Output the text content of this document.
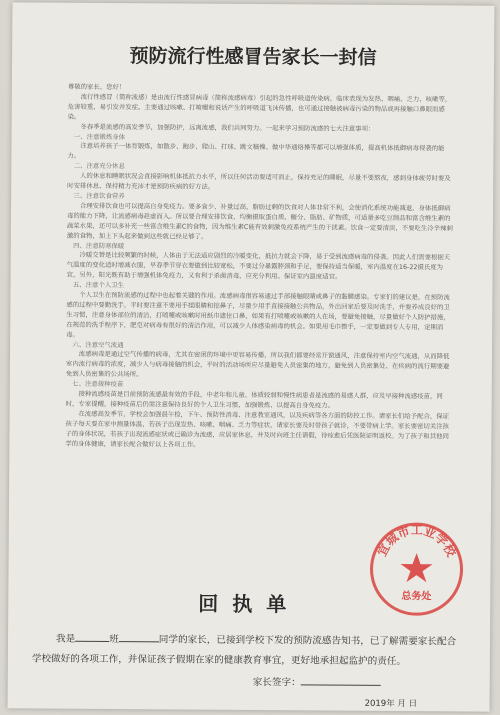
预防流行性感冒告家长一封信

尊敬的家长，您好！

流行性感冒（简称流感）是由流行性感冒病毒（简称流感病毒）引起的急性呼吸道传染病，临床表现为发热、咽痛、乏力、咳嗽等，危害较重，易引发并发症。主要通过咳嗽、打喷嚏和说话产生的呼吸道飞沫传播，也可通过接触被病毒污染的物品或再接触口鼻眼而感染。

冬春季是流感的高发季节，加强防护，远离流感，我们共同努力。一起来学习预防流感的七大注意事项：

一、注意锻炼身体

注意培养孩子一体育锻炼，如散步、跑步、爬山、打球、跳文稿操、做中华通络操等都可以增强体质，提高机体抵御病毒侵袭的能力。

二、注意充分休息

人的休息和睡眠状况会直接影响机体抵抗力水平，所以任何活动要适可而止，保持充足的睡眠，尽量不要熬夜，感到身体疲劳时要及时安排休息，保持精力充沛才是预防疾病的好方法。

三、注意饮食营养

合理安排饮食也可以提高自身免疫力。要多食少、补量过高，脂肪过剩的饮食对人体非常不利，会使消化系统功能减退，身体抵御病毒的能力下降，让流感病毒趁虚而入。所以要合理安排饮食，均衡摄取蛋白质、糖分、脂肪、矿物质，可适量多吃豆制品和富含维生素的蔬菜水果，还可以多补充一些富含维生素C的食物，因为维生素C能有效刺激免疫系统产生的干扰素。饮食一定要清淡，不要吃生冷辛辣刺激的食物，加上下头起来做到这些就已经足够了。

四、注意防寒保暖

冷暖交替是比较频繁的时候，人体由于无法适应剧烈的冷暖变化，抵抗力就会下降，易于受到流感病毒的侵袭。因此人们需要根据天气温度的变化适时增减衣服，早春季节穿衣要做到比较宽松，不要过分暴露脖颈和手足，要保持适当保暖，室内温度在16-22摄氏度为宜，另外，阳光既有助于增强机体免疫力，又有利于杀菌消毒，应充分利用。保证室内温度适宜。

五、注意个人卫生

个人卫生在预防流感的过程中也起着关键的作用。流感病毒很容易通过手部接触眼睛或鼻子的黏膜感染。专家们的建议是，在预防流感的过程中要勤洗手，平时要注意不要用手揉眼睛和挖鼻子，尽量少用手直接接触公共物品，外出回家后要及时洗手，并要养成良好的卫生习惯，注意身体部位的清洁，打喷嚏或咳嗽时用纸巾遮住口鼻，如果有打喷嚏或咳嗽的人在场，要避免接触，尽量做好个人防护措施，在规范的洗手程序下，肥皂对病毒有很好的清洁作用，可以减少人体感染病毒的机会。如果用毛巾擦手，一定要做到专人专用，定期消毒。

六、注意空气流通

流感病毒是通过空气传播的病毒，尤其在密闭的环境中更容易传播，所以我们都要经常开窗通风，注意保持室内空气流通，从而降低室内流行病毒的浓度，减少人与病毒接触的机会，平时的活动场所应尽量避免人员密集的地方，避免到人员密集处、在疾病的流行期要避免到人员密集的公共场所。

七、注意接种疫苗

接种流感疫苗是目前预防流感最有效的手段，中老年和儿童、体质较弱和慢性病患者是流感的易感人群，应及早接种流感疫苗，同时，专家提醒，接种疫苗后仍需注意保持良好的个人卫生习惯，加强锻炼、以提高自身免疫力。

在流感高发季节，学校会加强晨午检，下午、预防性消毒、注意教室通风，以及疾病等各方面的防控工作。请家长们给予配合，保证孩子每天要在家中测量体温，若孩子出现发热、咳嗽、咽痛、乏力等症状，请家长要及时带孩子就诊，不要带病上学。家长要密切关注孩子的身体状况，若孩子出现流感症状或已确诊为流感，应居家休息，并及时向班主任请假，待痊愈后凭医院证明返校。为了孩子和其他同学的身体健康，请家长配合做好以上各项工作。

宜城市工业学校
总务处
回执单
我是	班	同学的家长，已接到学校下发的预防流感告知书，已了解需要家长配合
学校做好的各项工作，并保证孩子假期在家的健康教育事宜，更好地承担起监护的责任。
家长签字：
2019年 月 日
